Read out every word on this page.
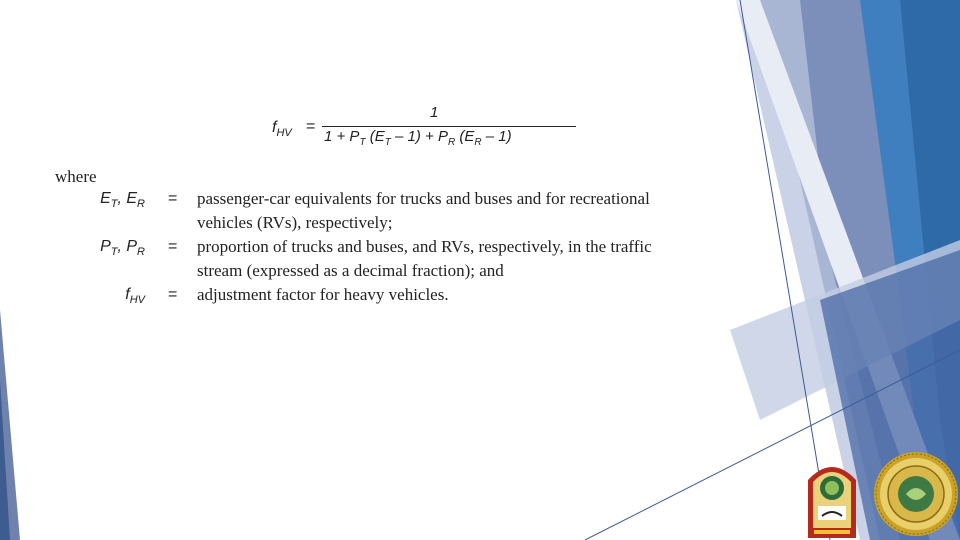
$f_{HV}$ =
1
$1 + P_T$ $(E_T - 1) + P_R$ $(E_R - 1)$
where
$E_T$, $E_R$ = passenger-car equivalents for trucks and buses and for recreational
vehicles (RVs), respectively;
$P_T$, $P_R$ = proportion of trucks and buses, and RVs, respectively, in the traffic
stream (expressed as a decimal fraction); and
$f_{HV}$ = adjustment factor for heavy vehicles.
